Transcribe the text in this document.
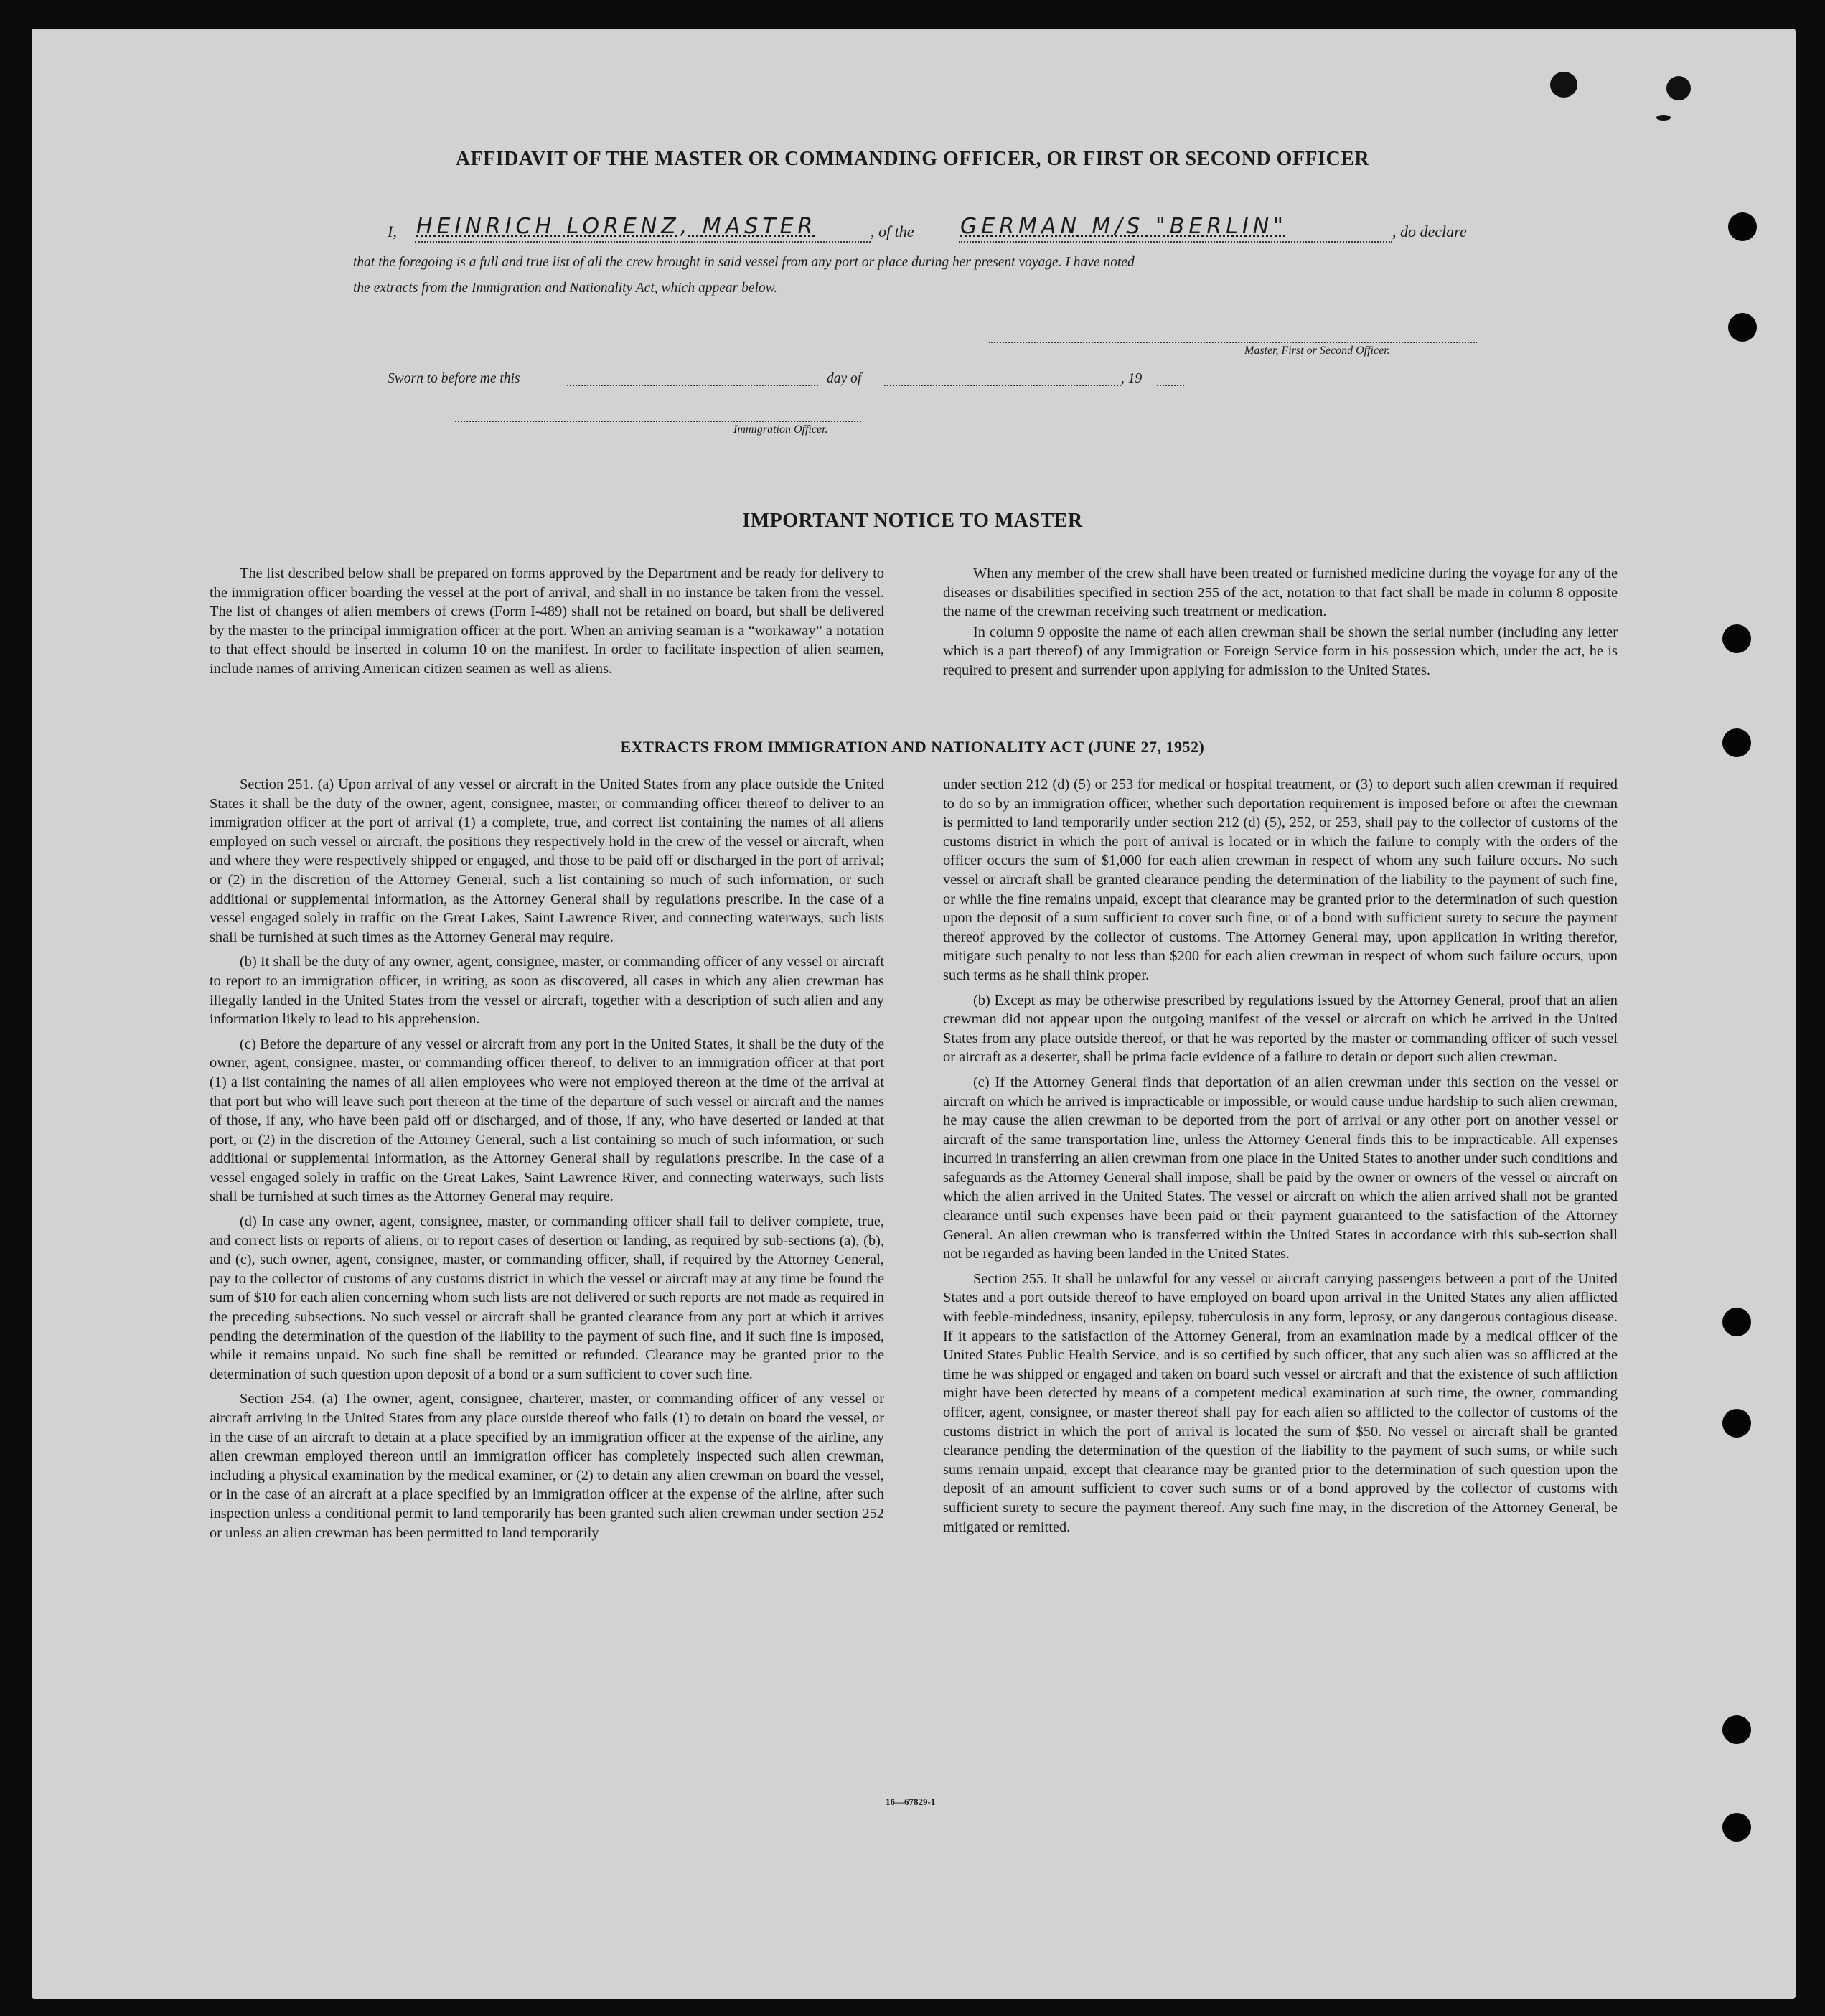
AFFIDAVIT OF THE MASTER OR COMMANDING OFFICER, OR FIRST OR SECOND OFFICER
I, HEINRICH LORENZ, MASTER	, of the GERMAN M/S "BERLIN"	, do declare
that the foregoing is a full and true list of all the crew brought in said vessel from any port or place during her present voyage. I have noted
the extracts from the Immigration and Nationality Act, which appear below.
Master, First or Second Officer.
Sworn to before me this	day of	, 19
Immigration Officer.
IMPORTANT NOTICE TO MASTER

The list described below shall be prepared on forms approved by the Department and be ready for delivery to the immigration officer boarding the vessel at the port of arrival, and shall in no instance be taken from the vessel. The list of changes of alien members of crews (Form I-489) shall not be retained on board, but shall be delivered by the master to the principal immigration officer at the port. When an arriving seaman is a “workaway” a notation to that effect should be inserted in column 10 on the manifest. In order to facilitate inspection of alien seamen, include names of arriving American citizen seamen as well as aliens.

When any member of the crew shall have been treated or furnished medicine during the voyage for any of the diseases or disabilities specified in section 255 of the act, notation to that fact shall be made in column 8 opposite the name of the crewman receiving such treatment or medication.

In column 9 opposite the name of each alien crewman shall be shown the serial number (including any letter which is a part thereof) of any Immigration or Foreign Service form in his possession which, under the act, he is required to present and surrender upon applying for admission to the United States.

EXTRACTS FROM IMMIGRATION AND NATIONALITY ACT (JUNE 27, 1952)

Section 251. (a) Upon arrival of any vessel or aircraft in the United States from any place outside the United States it shall be the duty of the owner, agent, consignee, master, or commanding officer thereof to deliver to an immigration officer at the port of arrival (1) a complete, true, and correct list containing the names of all aliens employed on such vessel or aircraft, the positions they respectively hold in the crew of the vessel or aircraft, when and where they were respectively shipped or engaged, and those to be paid off or discharged in the port of arrival; or (2) in the discretion of the Attorney General, such a list containing so much of such information, or such additional or supplemental information, as the Attorney General shall by regulations prescribe. In the case of a vessel engaged solely in traffic on the Great Lakes, Saint Lawrence River, and connecting waterways, such lists shall be furnished at such times as the Attorney General may require.

(b) It shall be the duty of any owner, agent, consignee, master, or commanding officer of any vessel or aircraft to report to an immigration officer, in writing, as soon as discovered, all cases in which any alien crewman has illegally landed in the United States from the vessel or aircraft, together with a description of such alien and any information likely to lead to his apprehension.

(c) Before the departure of any vessel or aircraft from any port in the United States, it shall be the duty of the owner, agent, consignee, master, or commanding officer thereof, to deliver to an immigration officer at that port (1) a list containing the names of all alien employees who were not employed thereon at the time of the arrival at that port but who will leave such port thereon at the time of the departure of such vessel or aircraft and the names of those, if any, who have been paid off or discharged, and of those, if any, who have deserted or landed at that port, or (2) in the discretion of the Attorney General, such a list containing so much of such information, or such additional or supplemental information, as the Attorney General shall by regulations prescribe. In the case of a vessel engaged solely in traffic on the Great Lakes, Saint Lawrence River, and connecting waterways, such lists shall be furnished at such times as the Attorney General may require.

(d) In case any owner, agent, consignee, master, or commanding officer shall fail to deliver complete, true, and correct lists or reports of aliens, or to report cases of desertion or landing, as required by sub-sections (a), (b), and (c), such owner, agent, consignee, master, or commanding officer, shall, if required by the Attorney General, pay to the collector of customs of any customs district in which the vessel or aircraft may at any time be found the sum of $10 for each alien concerning whom such lists are not delivered or such reports are not made as required in the preceding subsections. No such vessel or aircraft shall be granted clearance from any port at which it arrives pending the determination of the question of the liability to the payment of such fine, and if such fine is imposed, while it remains unpaid. No such fine shall be remitted or refunded. Clearance may be granted prior to the determination of such question upon deposit of a bond or a sum sufficient to cover such fine.

Section 254. (a) The owner, agent, consignee, charterer, master, or commanding officer of any vessel or aircraft arriving in the United States from any place outside thereof who fails (1) to detain on board the vessel, or in the case of an aircraft to detain at a place specified by an immigration officer at the expense of the airline, any alien crewman employed thereon until an immigration officer has completely inspected such alien crewman, including a physical examination by the medical examiner, or (2) to detain any alien crewman on board the vessel, or in the case of an aircraft at a place specified by an immigration officer at the expense of the airline, after such inspection unless a conditional permit to land temporarily has been granted such alien crewman under section 252 or unless an alien crewman has been permitted to land temporarily

under section 212 (d) (5) or 253 for medical or hospital treatment, or (3) to deport such alien crewman if required to do so by an immigration officer, whether such deportation requirement is imposed before or after the crewman is permitted to land temporarily under section 212 (d) (5), 252, or 253, shall pay to the collector of customs of the customs district in which the port of arrival is located or in which the failure to comply with the orders of the officer occurs the sum of $1,000 for each alien crewman in respect of whom any such failure occurs. No such vessel or aircraft shall be granted clearance pending the determination of the liability to the payment of such fine, or while the fine remains unpaid, except that clearance may be granted prior to the determination of such question upon the deposit of a sum sufficient to cover such fine, or of a bond with sufficient surety to secure the payment thereof approved by the collector of customs. The Attorney General may, upon application in writing therefor, mitigate such penalty to not less than $200 for each alien crewman in respect of whom such failure occurs, upon such terms as he shall think proper.

(b) Except as may be otherwise prescribed by regulations issued by the Attorney General, proof that an alien crewman did not appear upon the outgoing manifest of the vessel or aircraft on which he arrived in the United States from any place outside thereof, or that he was reported by the master or commanding officer of such vessel or aircraft as a deserter, shall be prima facie evidence of a failure to detain or deport such alien crewman.

(c) If the Attorney General finds that deportation of an alien crewman under this section on the vessel or aircraft on which he arrived is impracticable or impossible, or would cause undue hardship to such alien crewman, he may cause the alien crewman to be deported from the port of arrival or any other port on another vessel or aircraft of the same transportation line, unless the Attorney General finds this to be impracticable. All expenses incurred in transferring an alien crewman from one place in the United States to another under such conditions and safeguards as the Attorney General shall impose, shall be paid by the owner or owners of the vessel or aircraft on which the alien arrived in the United States. The vessel or aircraft on which the alien arrived shall not be granted clearance until such expenses have been paid or their payment guaranteed to the satisfaction of the Attorney General. An alien crewman who is transferred within the United States in accordance with this sub-section shall not be regarded as having been landed in the United States.

Section 255. It shall be unlawful for any vessel or aircraft carrying passengers between a port of the United States and a port outside thereof to have employed on board upon arrival in the United States any alien afflicted with feeble-mindedness, insanity, epilepsy, tuberculosis in any form, leprosy, or any dangerous contagious disease. If it appears to the satisfaction of the Attorney General, from an examination made by a medical officer of the United States Public Health Service, and is so certified by such officer, that any such alien was so afflicted at the time he was shipped or engaged and taken on board such vessel or aircraft and that the existence of such affliction might have been detected by means of a competent medical examination at such time, the owner, commanding officer, agent, consignee, or master thereof shall pay for each alien so afflicted to the collector of customs of the customs district in which the port of arrival is located the sum of $50. No vessel or aircraft shall be granted clearance pending the determination of the question of the liability to the payment of such sums, or while such sums remain unpaid, except that clearance may be granted prior to the determination of such question upon the deposit of an amount sufficient to cover such sums or of a bond approved by the collector of customs with sufficient surety to secure the payment thereof. Any such fine may, in the discretion of the Attorney General, be mitigated or remitted.

16—67829-1
